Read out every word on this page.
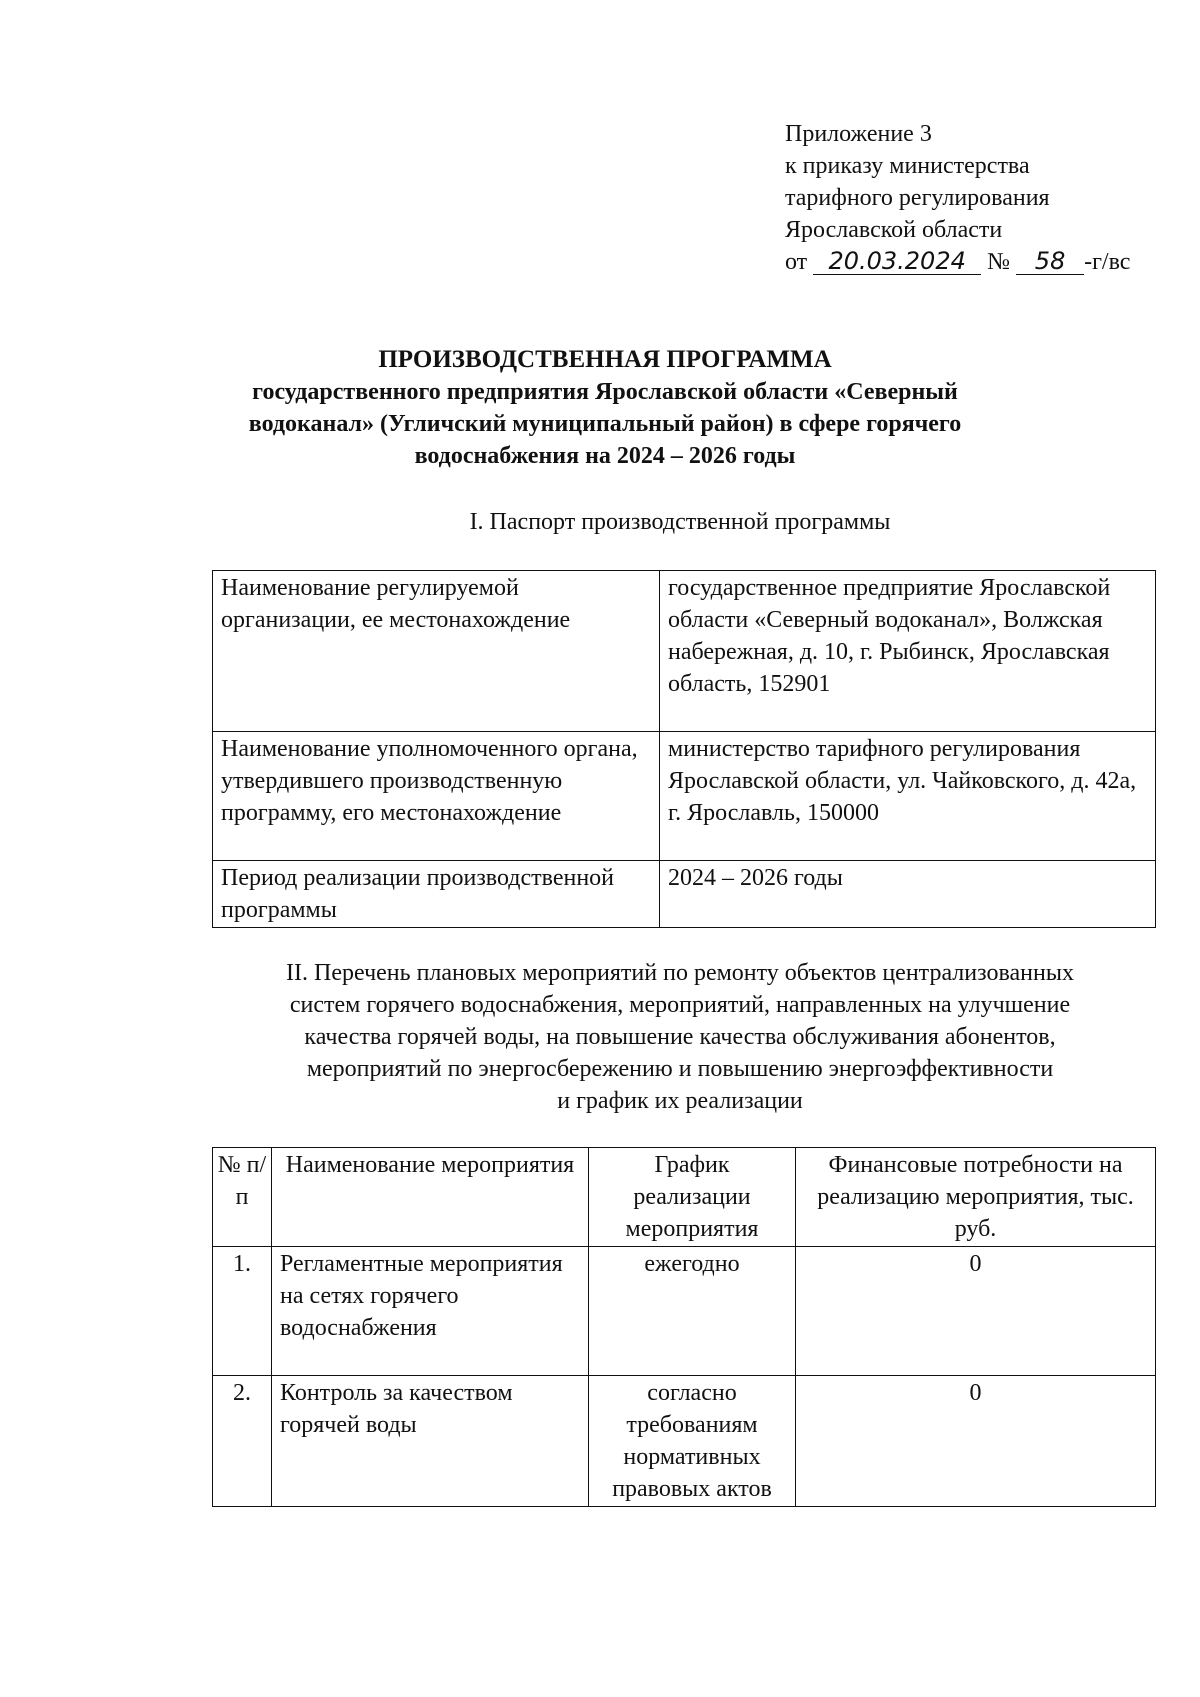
Приложение 3
к приказу министерства
тарифного регулирования
Ярославской области
от 20.03.2024 № 58 -г/вс
ПРОИЗВОДСТВЕННАЯ ПРОГРАММА
государственного предприятия Ярославской области «Северный
водоканал» (Угличский муниципальный район) в сфере горячего
водоснабжения на 2024 – 2026 годы
I. Паспорт производственной программы
Наименование регулируемой организации, ее местонахождение	государственное предприятие Ярославской области «Северный водоканал», Волжская набережная, д. 10, г. Рыбинск, Ярославская область, 152901
Наименование уполномоченного органа, утвердившего производственную программу, его местонахождение	министерство тарифного регулирования Ярославской области, ул. Чайковского, д. 42а, г. Ярославль, 150000
Период реализации производственной программы	2024 – 2026 годы
II. Перечень плановых мероприятий по ремонту объектов централизованных
систем горячего водоснабжения, мероприятий, направленных на улучшение
качества горячей воды, на повышение качества обслуживания абонентов,
мероприятий по энергосбережению и повышению энергоэффективности
и график их реализации
№ п/п	Наименование мероприятия	График реализации мероприятия	Финансовые потребности на реализацию мероприятия, тыс. руб.
1.	Регламентные мероприятия на сетях горячего водоснабжения	ежегодно	0
2.	Контроль за качеством горячей воды	согласно требованиям нормативных правовых актов	0
